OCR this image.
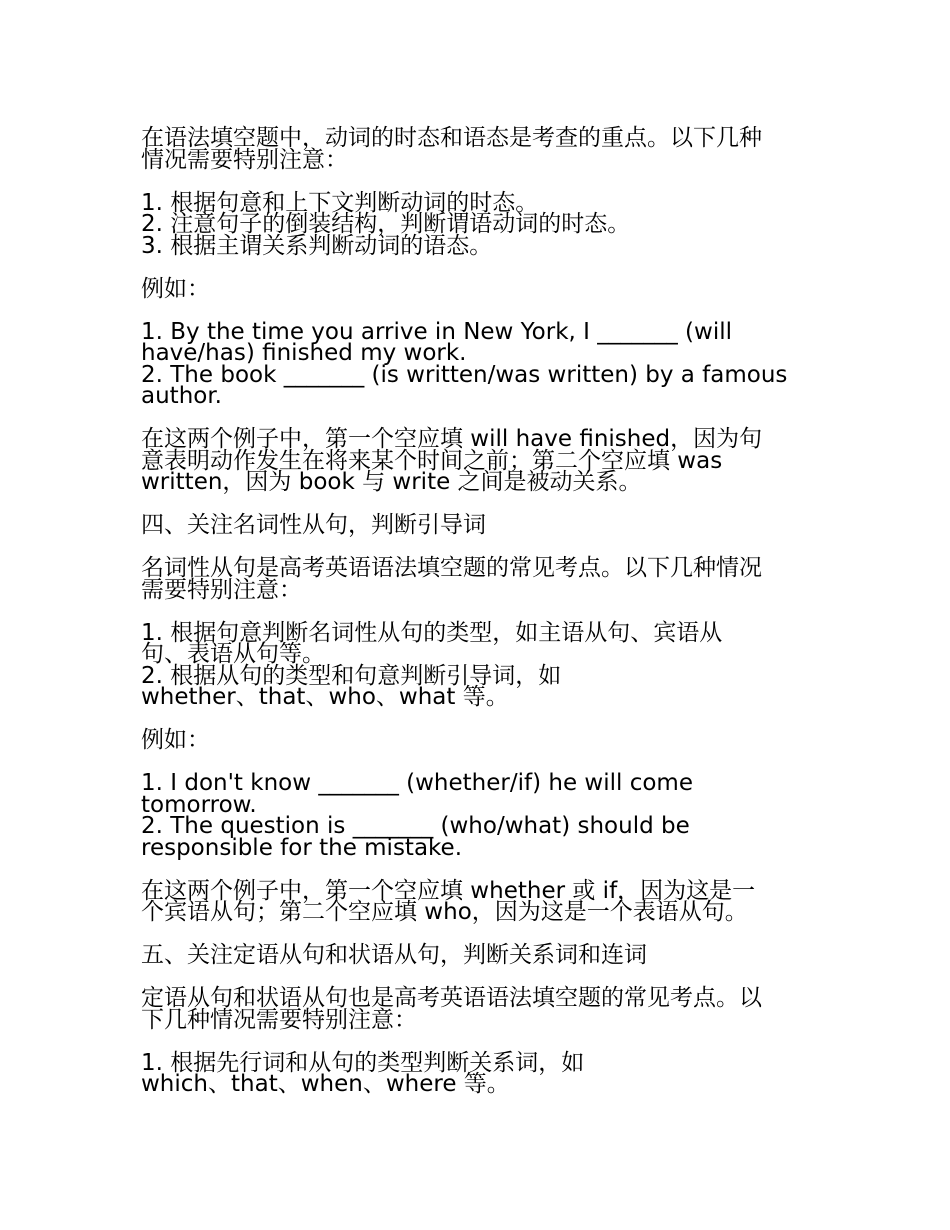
在语法填空题中，动词的时态和语态是考查的重点。以下几种
情况需要特别注意：
1. 根据句意和上下文判断动词的时态。
2. 注意句子的倒装结构，判断谓语动词的时态。
3. 根据主谓关系判断动词的语态。
例如：
1. By the time you arrive in New York, I _______ (will
have/has) finished my work.
2. The book _______ (is written/was written) by a famous
author.
在这两个例子中，第一个空应填 will have finished，因为句
意表明动作发生在将来某个时间之前；第二个空应填 was
written，因为 book 与 write 之间是被动关系。
四、关注名词性从句，判断引导词
名词性从句是高考英语语法填空题的常见考点。以下几种情况
需要特别注意：
1. 根据句意判断名词性从句的类型，如主语从句、宾语从
句、表语从句等。
2. 根据从句的类型和句意判断引导词，如
whether、that、who、what 等。
例如：
1. I don't know _______ (whether/if) he will come
tomorrow.
2. The question is _______ (who/what) should be
responsible for the mistake.
在这两个例子中，第一个空应填 whether 或 if，因为这是一
个宾语从句；第二个空应填 who，因为这是一个表语从句。
五、关注定语从句和状语从句，判断关系词和连词
定语从句和状语从句也是高考英语语法填空题的常见考点。以
下几种情况需要特别注意：
1. 根据先行词和从句的类型判断关系词，如
which、that、when、where 等。
